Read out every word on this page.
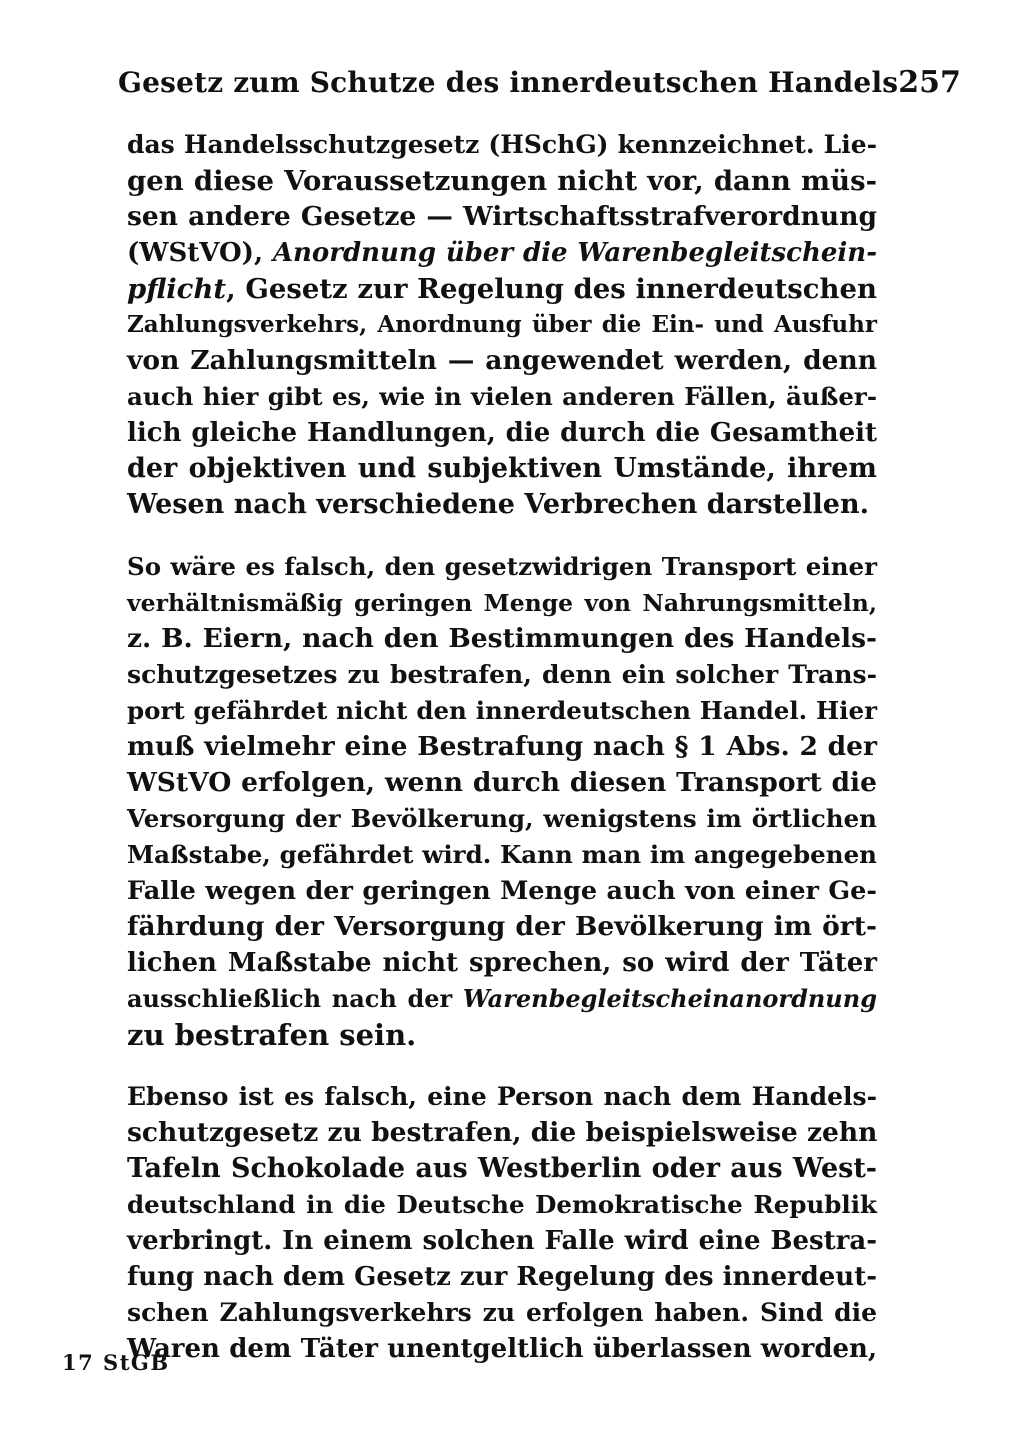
Gesetz zum Schutze des innerdeutschen Handels 257

das Handelsschutzgesetz (HSchG) kennzeichnet. Lie-
gen diese Voraussetzungen nicht vor, dann müs-
sen andere Gesetze — Wirtschaftsstrafverordnung
(WStVO), Anordnung über die Warenbegleitschein-
pflicht, Gesetz zur Regelung des innerdeutschen
Zahlungsverkehrs, Anordnung über die Ein- und Ausfuhr
von Zahlungsmitteln — angewendet werden, denn
auch hier gibt es, wie in vielen anderen Fällen, äußer-
lich gleiche Handlungen, die durch die Gesamtheit
der objektiven und subjektiven Umstände, ihrem
Wesen nach verschiedene Verbrechen darstellen.

So wäre es falsch, den gesetzwidrigen Transport einer
verhältnismäßig geringen Menge von Nahrungsmitteln,
z. B. Eiern, nach den Bestimmungen des Handels-
schutzgesetzes zu bestrafen, denn ein solcher Trans-
port gefährdet nicht den innerdeutschen Handel. Hier
muß vielmehr eine Bestrafung nach § 1 Abs. 2 der
WStVO erfolgen, wenn durch diesen Transport die
Versorgung der Bevölkerung, wenigstens im örtlichen
Maßstabe, gefährdet wird. Kann man im angegebenen
Falle wegen der geringen Menge auch von einer Ge-
fährdung der Versorgung der Bevölkerung im ört-
lichen Maßstabe nicht sprechen, so wird der Täter
ausschließlich nach der Warenbegleitscheinanordnung
zu bestrafen sein.

Ebenso ist es falsch, eine Person nach dem Handels-
schutzgesetz zu bestrafen, die beispielsweise zehn
Tafeln Schokolade aus Westberlin oder aus West-
deutschland in die Deutsche Demokratische Republik
verbringt. In einem solchen Falle wird eine Bestra-
fung nach dem Gesetz zur Regelung des innerdeut-
schen Zahlungsverkehrs zu erfolgen haben. Sind die
Waren dem Täter unentgeltlich überlassen worden,

17 StGB
